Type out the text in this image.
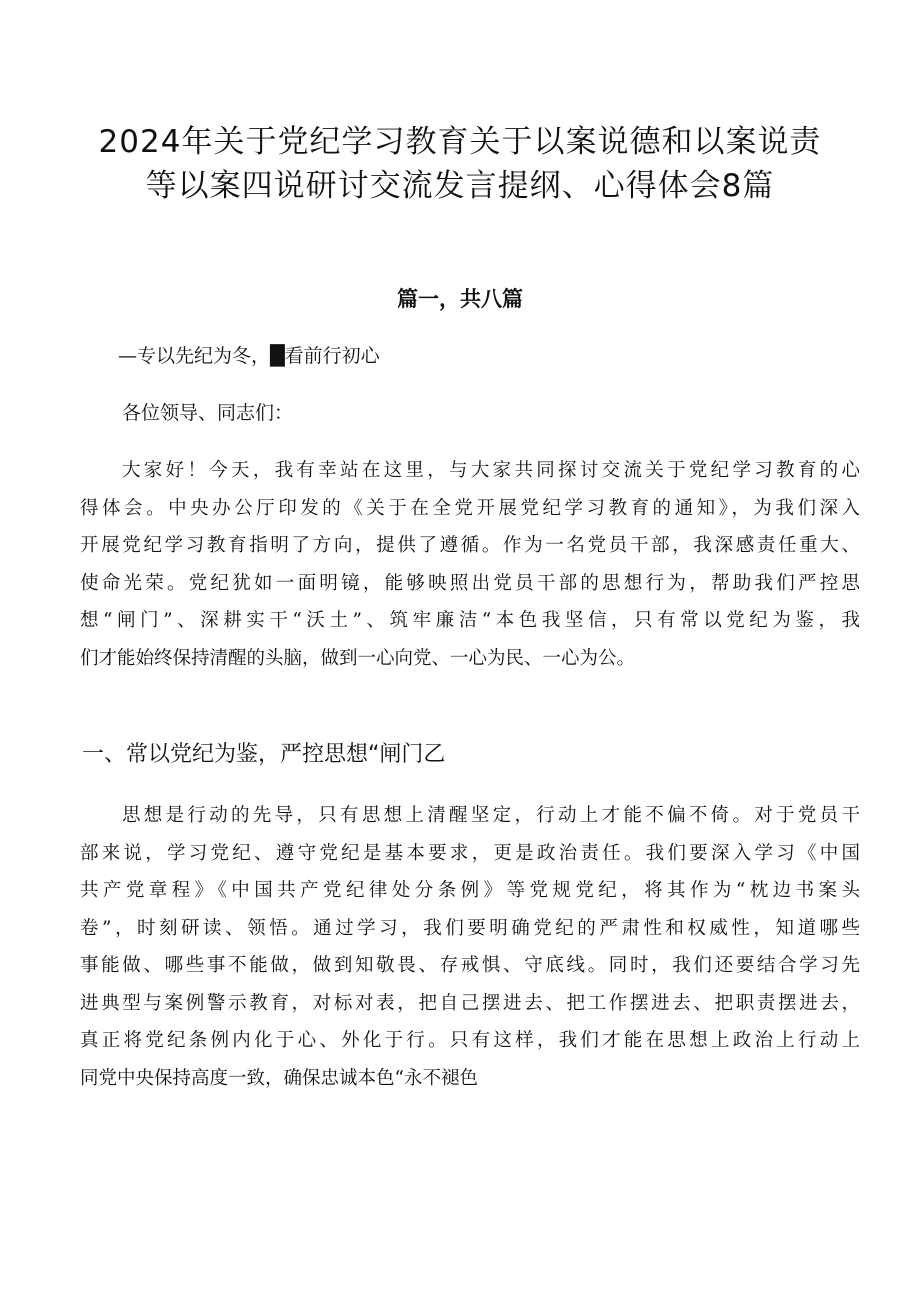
2024年关于党纪学习教育关于以案说德和以案说责
等以案四说研讨交流发言提纲、心得体会8篇
篇一，共八篇

—专以先纪为冬，█看前行初心

各位领导、同志们：

大家好！今天，我有幸站在这里，与大家共同探讨交流关于党纪学习教育的心
得体会。中央办公厅印发的《关于在全党开展党纪学习教育的通知》，为我们深入
开展党纪学习教育指明了方向，提供了遵循。作为一名党员干部，我深感责任重大、
使命光荣。党纪犹如一面明镜，能够映照出党员干部的思想行为，帮助我们严控思
想“闸门”、深耕实干“沃土”、筑牢廉洁“本色我坚信，只有常以党纪为鉴，我
们才能始终保持清醒的头脑，做到一心向党、一心为民、一心为公。
一、常以党纪为鉴，严控思想“闸门乙
思想是行动的先导，只有思想上清醒坚定，行动上才能不偏不倚。对于党员干
部来说，学习党纪、遵守党纪是基本要求，更是政治责任。我们要深入学习《中国
共产党章程》《中国共产党纪律处分条例》等党规党纪，将其作为“枕边书案头
卷”，时刻研读、领悟。通过学习，我们要明确党纪的严肃性和权威性，知道哪些
事能做、哪些事不能做，做到知敬畏、存戒惧、守底线。同时，我们还要结合学习先
进典型与案例警示教育，对标对表，把自己摆进去、把工作摆进去、把职责摆进去，
真正将党纪条例内化于心、外化于行。只有这样，我们才能在思想上政治上行动上
同党中央保持高度一致，确保忠诚本色“永不褪色
